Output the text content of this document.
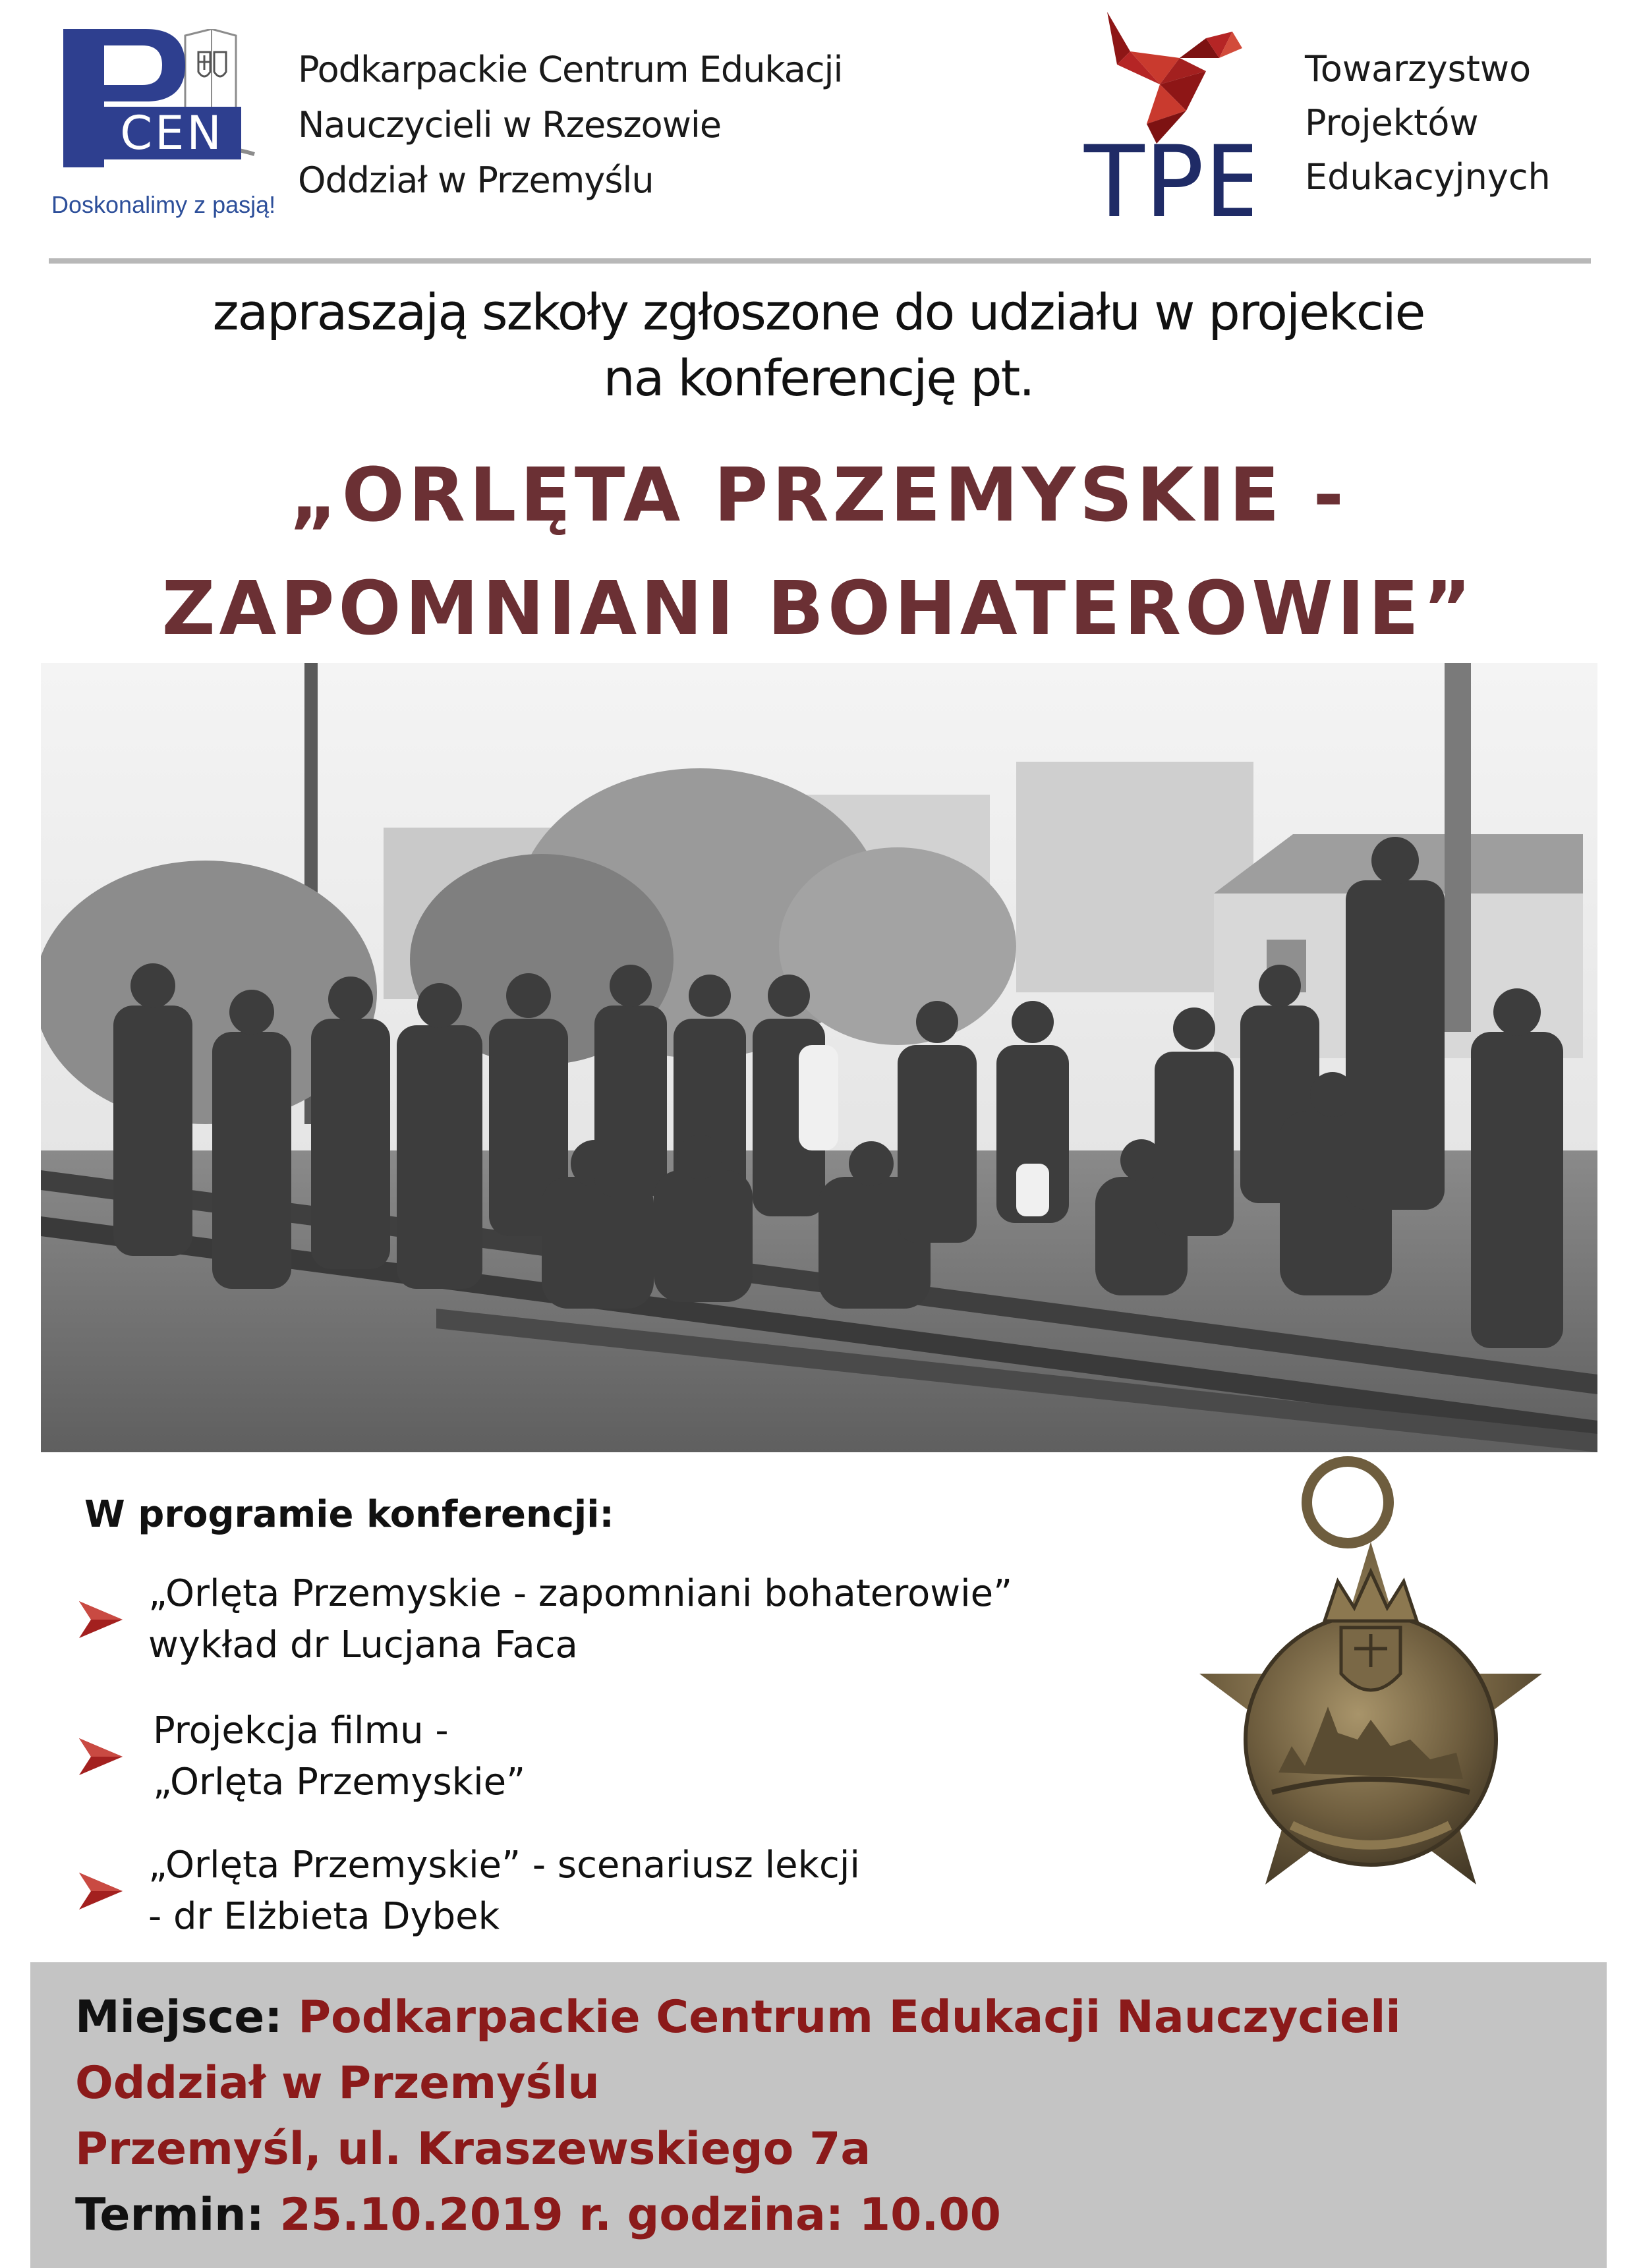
CEN
Doskonalimy z pasją!
Podkarpackie Centrum Edukacji
Nauczycieli w Rzeszowie
Oddział w Przemyślu	TPE
Towarzystwo
Projektów
Edukacyjnych
zapraszają szkoły zgłoszone do udziału w projekcie
na konferencję pt.
„ORLĘTA PRZEMYSKIE -
ZAPOMNIANI BOHATEROWIE”
W programie konferencji:
„Orlęta Przemyskie - zapomniani bohaterowie”
wykład dr Lucjana Faca
Projekcja filmu -
„Orlęta Przemyskie”
„Orlęta Przemyskie” - scenariusz lekcji
- dr Elżbieta Dybek
Miejsce: Podkarpackie Centrum Edukacji Nauczycieli
Oddział w Przemyślu
Przemyśl, ul. Kraszewskiego 7a
Termin: 25.10.2019 r. godzina: 10.00
